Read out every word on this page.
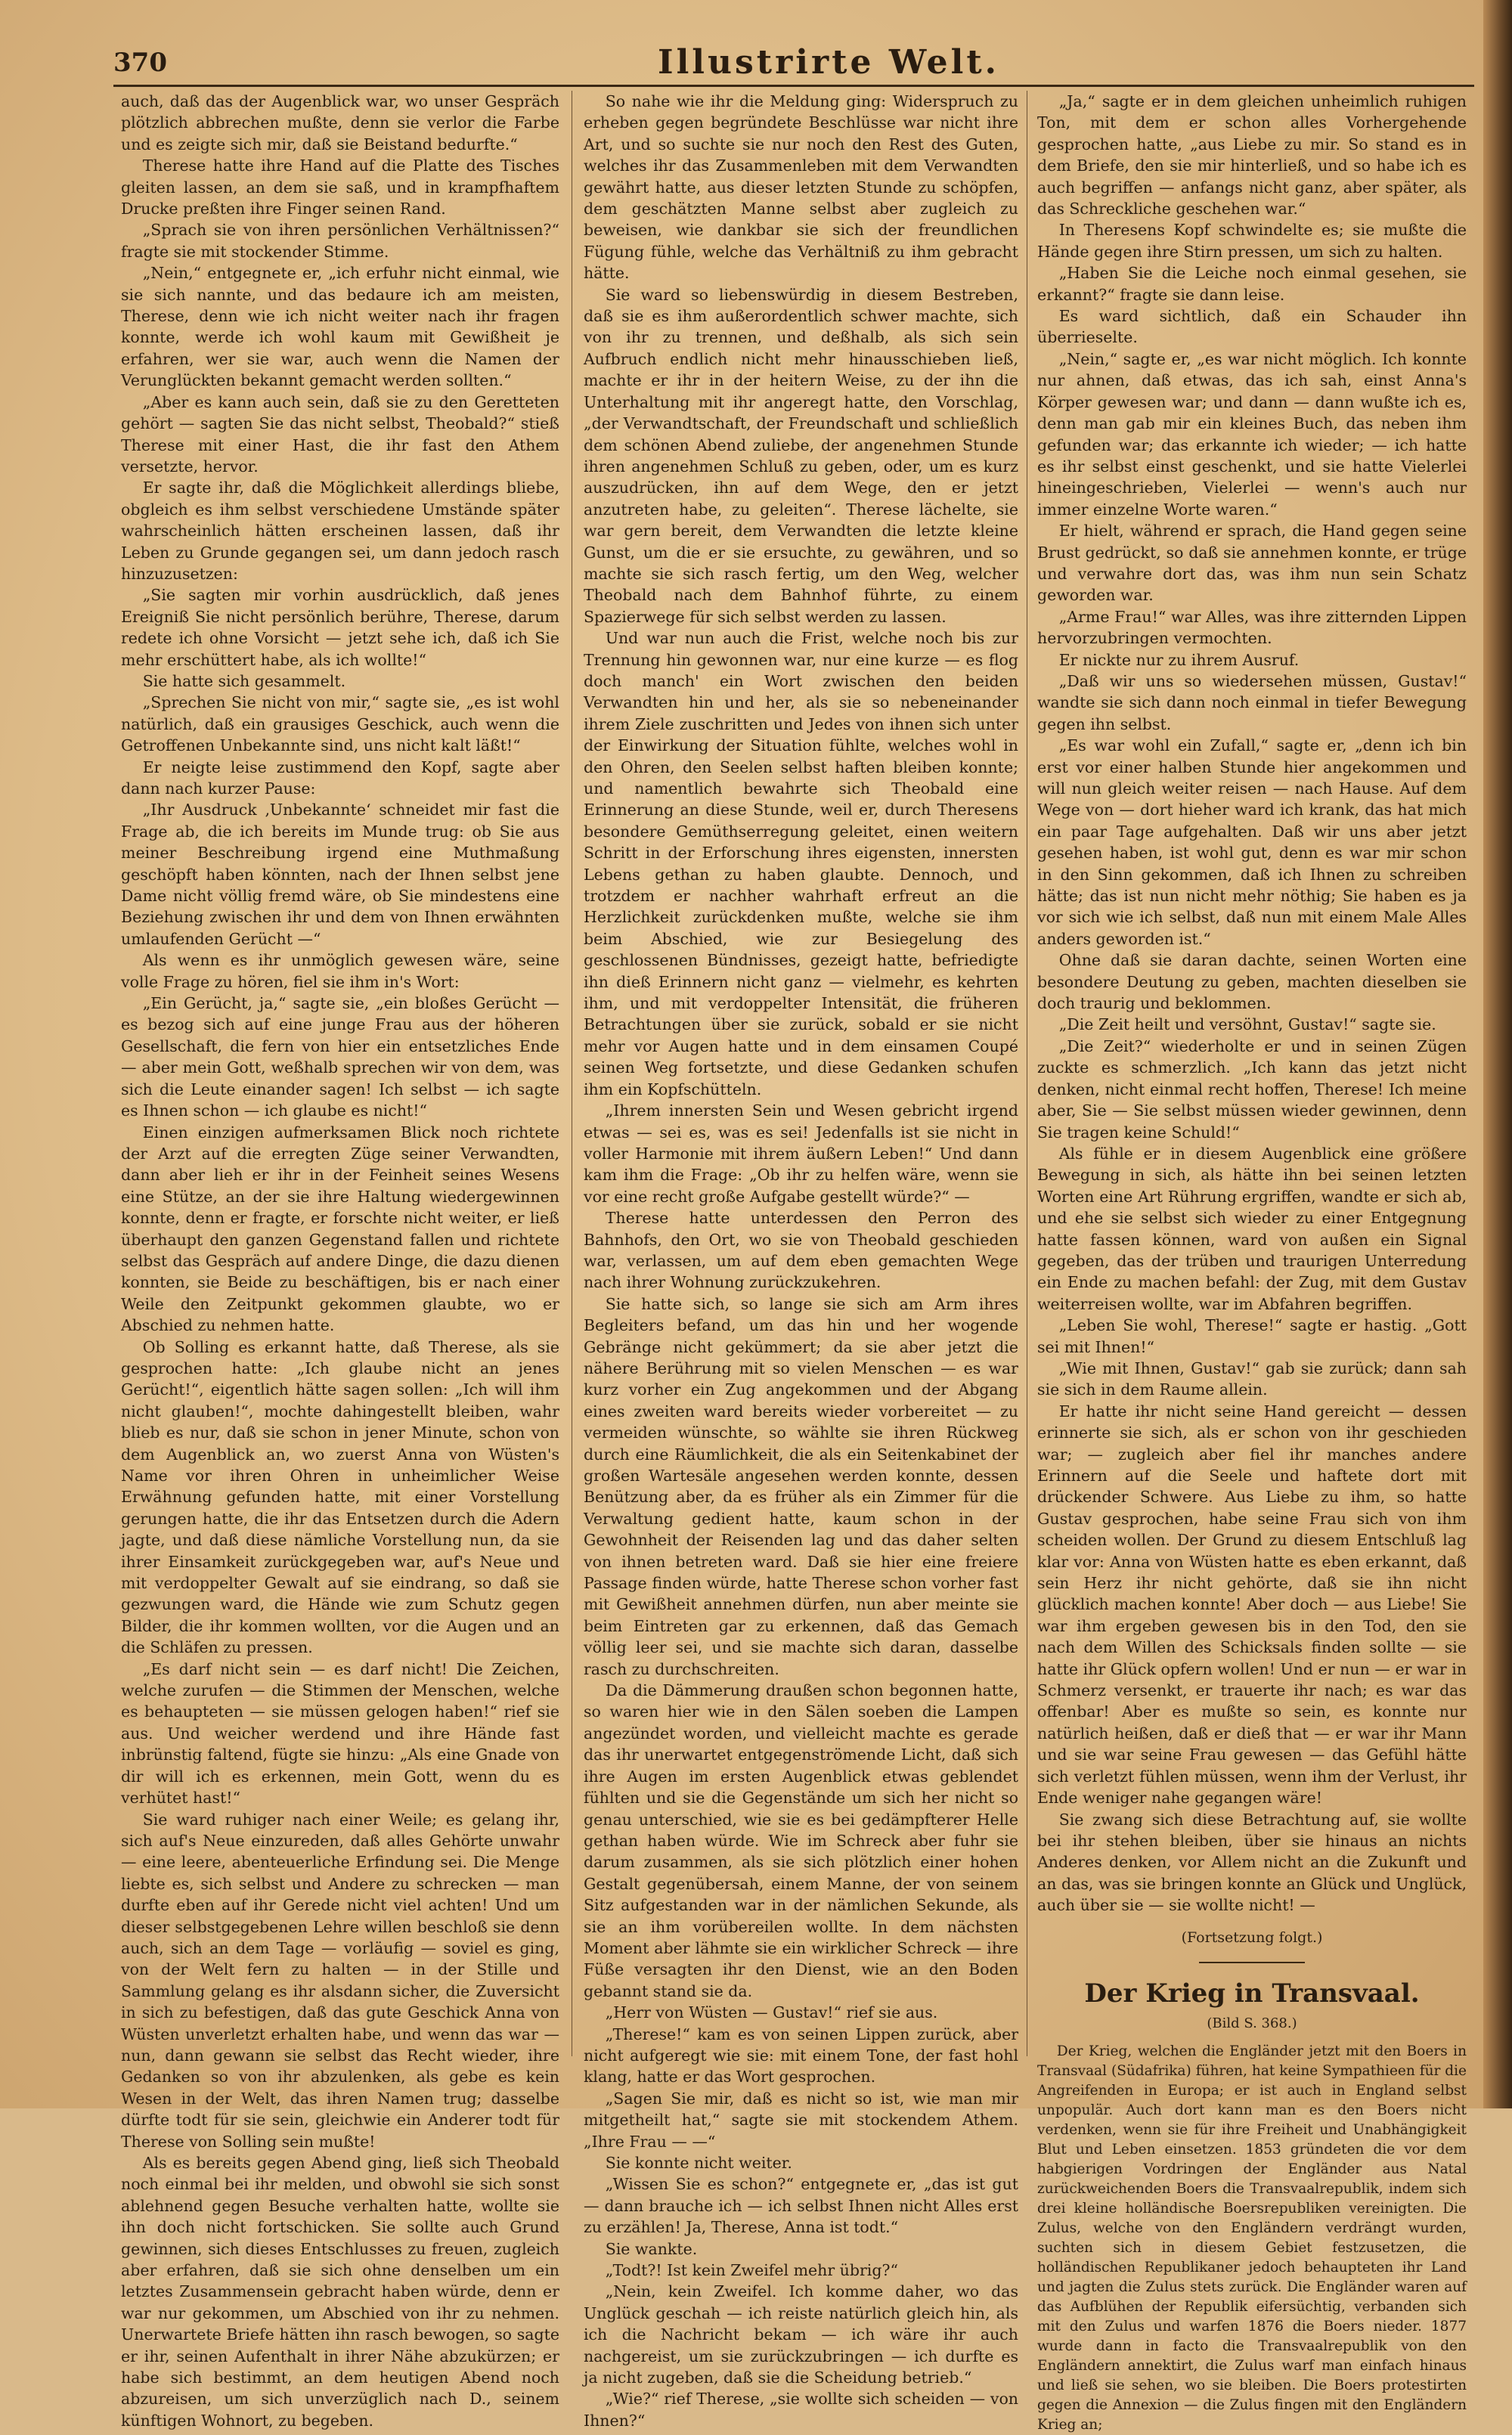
370	Illustrirte Welt.

auch, daß das der Augenblick war, wo unser Gespräch plötzlich abbrechen mußte, denn sie verlor die Farbe und es zeigte sich mir, daß sie Beistand bedurfte.“

Therese hatte ihre Hand auf die Platte des Tisches gleiten lassen, an dem sie saß, und in krampfhaftem Drucke preßten ihre Finger seinen Rand.

„Sprach sie von ihren persönlichen Verhältnissen?“ fragte sie mit stockender Stimme.

„Nein,“ entgegnete er, „ich erfuhr nicht einmal, wie sie sich nannte, und das bedaure ich am meisten, Therese, denn wie ich nicht weiter nach ihr fragen konnte, werde ich wohl kaum mit Gewißheit je erfahren, wer sie war, auch wenn die Namen der Verunglückten bekannt gemacht werden sollten.“

„Aber es kann auch sein, daß sie zu den Geretteten gehört — sagten Sie das nicht selbst, Theobald?“ stieß Therese mit einer Hast, die ihr fast den Athem versetzte, hervor.

Er sagte ihr, daß die Möglichkeit allerdings bliebe, obgleich es ihm selbst verschiedene Umstände später wahrscheinlich hätten erscheinen lassen, daß ihr Leben zu Grunde gegangen sei, um dann jedoch rasch hinzuzusetzen:

„Sie sagten mir vorhin ausdrücklich, daß jenes Ereigniß Sie nicht persönlich berühre, Therese, darum redete ich ohne Vorsicht — jetzt sehe ich, daß ich Sie mehr erschüttert habe, als ich wollte!“

Sie hatte sich gesammelt.

„Sprechen Sie nicht von mir,“ sagte sie, „es ist wohl natürlich, daß ein grausiges Geschick, auch wenn die Getroffenen Unbekannte sind, uns nicht kalt läßt!“

Er neigte leise zustimmend den Kopf, sagte aber dann nach kurzer Pause:

„Ihr Ausdruck ‚Unbekannte‘ schneidet mir fast die Frage ab, die ich bereits im Munde trug: ob Sie aus meiner Beschreibung irgend eine Muthmaßung geschöpft haben könnten, nach der Ihnen selbst jene Dame nicht völlig fremd wäre, ob Sie mindestens eine Beziehung zwischen ihr und dem von Ihnen erwähnten umlaufenden Gerücht —“

Als wenn es ihr unmöglich gewesen wäre, seine volle Frage zu hören, fiel sie ihm in's Wort:

„Ein Gerücht, ja,“ sagte sie, „ein bloßes Gerücht — es bezog sich auf eine junge Frau aus der höheren Gesellschaft, die fern von hier ein entsetzliches Ende — aber mein Gott, weßhalb sprechen wir von dem, was sich die Leute einander sagen! Ich selbst — ich sagte es Ihnen schon — ich glaube es nicht!“

Einen einzigen aufmerksamen Blick noch richtete der Arzt auf die erregten Züge seiner Verwandten, dann aber lieh er ihr in der Feinheit seines Wesens eine Stütze, an der sie ihre Haltung wiedergewinnen konnte, denn er fragte, er forschte nicht weiter, er ließ überhaupt den ganzen Gegenstand fallen und richtete selbst das Gespräch auf andere Dinge, die dazu dienen konnten, sie Beide zu beschäftigen, bis er nach einer Weile den Zeitpunkt gekommen glaubte, wo er Abschied zu nehmen hatte.

Ob Solling es erkannt hatte, daß Therese, als sie gesprochen hatte: „Ich glaube nicht an jenes Gerücht!“, eigentlich hätte sagen sollen: „Ich will ihm nicht glauben!“, mochte dahingestellt bleiben, wahr blieb es nur, daß sie schon in jener Minute, schon von dem Augenblick an, wo zuerst Anna von Wüsten's Name vor ihren Ohren in unheimlicher Weise Erwähnung gefunden hatte, mit einer Vorstellung gerungen hatte, die ihr das Entsetzen durch die Adern jagte, und daß diese nämliche Vorstellung nun, da sie ihrer Einsamkeit zurückgegeben war, auf's Neue und mit verdoppelter Gewalt auf sie eindrang, so daß sie gezwungen ward, die Hände wie zum Schutz gegen Bilder, die ihr kommen wollten, vor die Augen und an die Schläfen zu pressen.

„Es darf nicht sein — es darf nicht! Die Zeichen, welche zurufen — die Stimmen der Menschen, welche es behaupteten — sie müssen gelogen haben!“ rief sie aus. Und weicher werdend und ihre Hände fast inbrünstig faltend, fügte sie hinzu: „Als eine Gnade von dir will ich es erkennen, mein Gott, wenn du es verhütet hast!“

Sie ward ruhiger nach einer Weile; es gelang ihr, sich auf's Neue einzureden, daß alles Gehörte unwahr — eine leere, abenteuerliche Erfindung sei. Die Menge liebte es, sich selbst und Andere zu schrecken — man durfte eben auf ihr Gerede nicht viel achten! Und um dieser selbstgegebenen Lehre willen beschloß sie denn auch, sich an dem Tage — vorläufig — soviel es ging, von der Welt fern zu halten — in der Stille und Sammlung gelang es ihr alsdann sicher, die Zuversicht in sich zu befestigen, daß das gute Geschick Anna von Wüsten unverletzt erhalten habe, und wenn das war — nun, dann gewann sie selbst das Recht wieder, ihre Gedanken so von ihr abzulenken, als gebe es kein Wesen in der Welt, das ihren Namen trug; dasselbe dürfte todt für sie sein, gleichwie ein Anderer todt für Therese von Solling sein mußte!

Als es bereits gegen Abend ging, ließ sich Theobald noch einmal bei ihr melden, und obwohl sie sich sonst ablehnend gegen Besuche verhalten hatte, wollte sie ihn doch nicht fortschicken. Sie sollte auch Grund gewinnen, sich dieses Entschlusses zu freuen, zugleich aber erfahren, daß sie sich ohne denselben um ein letztes Zusammensein gebracht haben würde, denn er war nur gekommen, um Abschied von ihr zu nehmen. Unerwartete Briefe hätten ihn rasch bewogen, so sagte er ihr, seinen Aufenthalt in ihrer Nähe abzukürzen; er habe sich bestimmt, an dem heutigen Abend noch abzureisen, um sich unverzüglich nach D., seinem künftigen Wohnort, zu begeben.

So nahe wie ihr die Meldung ging: Widerspruch zu erheben gegen begründete Beschlüsse war nicht ihre Art, und so suchte sie nur noch den Rest des Guten, welches ihr das Zusammenleben mit dem Verwandten gewährt hatte, aus dieser letzten Stunde zu schöpfen, dem geschätzten Manne selbst aber zugleich zu beweisen, wie dankbar sie sich der freundlichen Fügung fühle, welche das Verhältniß zu ihm gebracht hätte.

Sie ward so liebenswürdig in diesem Bestreben, daß sie es ihm außerordentlich schwer machte, sich von ihr zu trennen, und deßhalb, als sich sein Aufbruch endlich nicht mehr hinausschieben ließ, machte er ihr in der heitern Weise, zu der ihn die Unterhaltung mit ihr angeregt hatte, den Vorschlag, „der Verwandtschaft, der Freundschaft und schließlich dem schönen Abend zuliebe, der angenehmen Stunde ihren angenehmen Schluß zu geben, oder, um es kurz auszudrücken, ihn auf dem Wege, den er jetzt anzutreten habe, zu geleiten“. Therese lächelte, sie war gern bereit, dem Verwandten die letzte kleine Gunst, um die er sie ersuchte, zu gewähren, und so machte sie sich rasch fertig, um den Weg, welcher Theobald nach dem Bahnhof führte, zu einem Spazierwege für sich selbst werden zu lassen.

Und war nun auch die Frist, welche noch bis zur Trennung hin gewonnen war, nur eine kurze — es flog doch manch' ein Wort zwischen den beiden Verwandten hin und her, als sie so nebeneinander ihrem Ziele zuschritten und Jedes von ihnen sich unter der Einwirkung der Situation fühlte, welches wohl in den Ohren, den Seelen selbst haften bleiben konnte; und namentlich bewahrte sich Theobald eine Erinnerung an diese Stunde, weil er, durch Theresens besondere Gemüthserregung geleitet, einen weitern Schritt in der Erforschung ihres eigensten, innersten Lebens gethan zu haben glaubte. Dennoch, und trotzdem er nachher wahrhaft erfreut an die Herzlichkeit zurückdenken mußte, welche sie ihm beim Abschied, wie zur Besiegelung des geschlossenen Bündnisses, gezeigt hatte, befriedigte ihn dieß Erinnern nicht ganz — vielmehr, es kehrten ihm, und mit verdoppelter Intensität, die früheren Betrachtungen über sie zurück, sobald er sie nicht mehr vor Augen hatte und in dem einsamen Coupé seinen Weg fortsetzte, und diese Gedanken schufen ihm ein Kopfschütteln.

„Ihrem innersten Sein und Wesen gebricht irgend etwas — sei es, was es sei! Jedenfalls ist sie nicht in voller Harmonie mit ihrem äußern Leben!“ Und dann kam ihm die Frage: „Ob ihr zu helfen wäre, wenn sie vor eine recht große Aufgabe gestellt würde?“ —

Therese hatte unterdessen den Perron des Bahnhofs, den Ort, wo sie von Theobald geschieden war, verlassen, um auf dem eben gemachten Wege nach ihrer Wohnung zurückzukehren.

Sie hatte sich, so lange sie sich am Arm ihres Begleiters befand, um das hin und her wogende Gebränge nicht gekümmert; da sie aber jetzt die nähere Berührung mit so vielen Menschen — es war kurz vorher ein Zug angekommen und der Abgang eines zweiten ward bereits wieder vorbereitet — zu vermeiden wünschte, so wählte sie ihren Rückweg durch eine Räumlichkeit, die als ein Seitenkabinet der großen Wartesäle angesehen werden konnte, dessen Benützung aber, da es früher als ein Zimmer für die Verwaltung gedient hatte, kaum schon in der Gewohnheit der Reisenden lag und das daher selten von ihnen betreten ward. Daß sie hier eine freiere Passage finden würde, hatte Therese schon vorher fast mit Gewißheit annehmen dürfen, nun aber meinte sie beim Eintreten gar zu erkennen, daß das Gemach völlig leer sei, und sie machte sich daran, dasselbe rasch zu durchschreiten.

Da die Dämmerung draußen schon begonnen hatte, so waren hier wie in den Sälen soeben die Lampen angezündet worden, und vielleicht machte es gerade das ihr unerwartet entgegenströmende Licht, daß sich ihre Augen im ersten Augenblick etwas geblendet fühlten und sie die Gegenstände um sich her nicht so genau unterschied, wie sie es bei gedämpfterer Helle gethan haben würde. Wie im Schreck aber fuhr sie darum zusammen, als sie sich plötzlich einer hohen Gestalt gegenübersah, einem Manne, der von seinem Sitz aufgestanden war in der nämlichen Sekunde, als sie an ihm vorübereilen wollte. In dem nächsten Moment aber lähmte sie ein wirklicher Schreck — ihre Füße versagten ihr den Dienst, wie an den Boden gebannt stand sie da.

„Herr von Wüsten — Gustav!“ rief sie aus.

„Therese!“ kam es von seinen Lippen zurück, aber nicht aufgeregt wie sie: mit einem Tone, der fast hohl klang, hatte er das Wort gesprochen.

„Sagen Sie mir, daß es nicht so ist, wie man mir mitgetheilt hat,“ sagte sie mit stockendem Athem. „Ihre Frau — —“

Sie konnte nicht weiter.

„Wissen Sie es schon?“ entgegnete er, „das ist gut — dann brauche ich — ich selbst Ihnen nicht Alles erst zu erzählen! Ja, Therese, Anna ist todt.“

Sie wankte.

„Todt?! Ist kein Zweifel mehr übrig?“

„Nein, kein Zweifel. Ich komme daher, wo das Unglück geschah — ich reiste natürlich gleich hin, als ich die Nachricht bekam — ich wäre ihr auch nachgereist, um sie zurückzubringen — ich durfte es ja nicht zugeben, daß sie die Scheidung betrieb.“

„Wie?“ rief Therese, „sie wollte sich scheiden — von Ihnen?“

„Ja,“ sagte er in dem gleichen unheimlich ruhigen Ton, mit dem er schon alles Vorhergehende gesprochen hatte, „aus Liebe zu mir. So stand es in dem Briefe, den sie mir hinterließ, und so habe ich es auch begriffen — anfangs nicht ganz, aber später, als das Schreckliche geschehen war.“

In Theresens Kopf schwindelte es; sie mußte die Hände gegen ihre Stirn pressen, um sich zu halten.

„Haben Sie die Leiche noch einmal gesehen, sie erkannt?“ fragte sie dann leise.

Es ward sichtlich, daß ein Schauder ihn überrieselte.

„Nein,“ sagte er, „es war nicht möglich. Ich konnte nur ahnen, daß etwas, das ich sah, einst Anna's Körper gewesen war; und dann — dann wußte ich es, denn man gab mir ein kleines Buch, das neben ihm gefunden war; das erkannte ich wieder; — ich hatte es ihr selbst einst geschenkt, und sie hatte Vielerlei hineingeschrieben, Vielerlei — wenn's auch nur immer einzelne Worte waren.“

Er hielt, während er sprach, die Hand gegen seine Brust gedrückt, so daß sie annehmen konnte, er trüge und verwahre dort das, was ihm nun sein Schatz geworden war.

„Arme Frau!“ war Alles, was ihre zitternden Lippen hervorzubringen vermochten.

Er nickte nur zu ihrem Ausruf.

„Daß wir uns so wiedersehen müssen, Gustav!“ wandte sie sich dann noch einmal in tiefer Bewegung gegen ihn selbst.

„Es war wohl ein Zufall,“ sagte er, „denn ich bin erst vor einer halben Stunde hier angekommen und will nun gleich weiter reisen — nach Hause. Auf dem Wege von — dort hieher ward ich krank, das hat mich ein paar Tage aufgehalten. Daß wir uns aber jetzt gesehen haben, ist wohl gut, denn es war mir schon in den Sinn gekommen, daß ich Ihnen zu schreiben hätte; das ist nun nicht mehr nöthig; Sie haben es ja vor sich wie ich selbst, daß nun mit einem Male Alles anders geworden ist.“

Ohne daß sie daran dachte, seinen Worten eine besondere Deutung zu geben, machten dieselben sie doch traurig und beklommen.

„Die Zeit heilt und versöhnt, Gustav!“ sagte sie.

„Die Zeit?“ wiederholte er und in seinen Zügen zuckte es schmerzlich. „Ich kann das jetzt nicht denken, nicht einmal recht hoffen, Therese! Ich meine aber, Sie — Sie selbst müssen wieder gewinnen, denn Sie tragen keine Schuld!“

Als fühle er in diesem Augenblick eine größere Bewegung in sich, als hätte ihn bei seinen letzten Worten eine Art Rührung ergriffen, wandte er sich ab, und ehe sie selbst sich wieder zu einer Entgegnung hatte fassen können, ward von außen ein Signal gegeben, das der trüben und traurigen Unterredung ein Ende zu machen befahl: der Zug, mit dem Gustav weiterreisen wollte, war im Abfahren begriffen.

„Leben Sie wohl, Therese!“ sagte er hastig. „Gott sei mit Ihnen!“

„Wie mit Ihnen, Gustav!“ gab sie zurück; dann sah sie sich in dem Raume allein.

Er hatte ihr nicht seine Hand gereicht — dessen erinnerte sie sich, als er schon von ihr geschieden war; — zugleich aber fiel ihr manches andere Erinnern auf die Seele und haftete dort mit drückender Schwere. Aus Liebe zu ihm, so hatte Gustav gesprochen, habe seine Frau sich von ihm scheiden wollen. Der Grund zu diesem Entschluß lag klar vor: Anna von Wüsten hatte es eben erkannt, daß sein Herz ihr nicht gehörte, daß sie ihn nicht glücklich machen konnte! Aber doch — aus Liebe! Sie war ihm ergeben gewesen bis in den Tod, den sie nach dem Willen des Schicksals finden sollte — sie hatte ihr Glück opfern wollen! Und er nun — er war in Schmerz versenkt, er trauerte ihr nach; es war das offenbar! Aber es mußte so sein, es konnte nur natürlich heißen, daß er dieß that — er war ihr Mann und sie war seine Frau gewesen — das Gefühl hätte sich verletzt fühlen müssen, wenn ihm der Verlust, ihr Ende weniger nahe gegangen wäre!

Sie zwang sich diese Betrachtung auf, sie wollte bei ihr stehen bleiben, über sie hinaus an nichts Anderes denken, vor Allem nicht an die Zukunft und an das, was sie bringen konnte an Glück und Unglück, auch über sie — sie wollte nicht! —

(Fortsetzung folgt.)

Der Krieg in Transvaal.

(Bild S. 368.)

Der Krieg, welchen die Engländer jetzt mit den Boers in Transvaal (Südafrika) führen, hat keine Sympathieen für die Angreifenden in Europa; er ist auch in England selbst unpopulär. Auch dort kann man es den Boers nicht verdenken, wenn sie für ihre Freiheit und Unabhängigkeit Blut und Leben einsetzen. 1853 gründeten die vor dem habgierigen Vordringen der Engländer aus Natal zurückweichenden Boers die Transvaalrepublik, indem sich drei kleine holländische Boersrepubliken vereinigten. Die Zulus, welche von den Engländern verdrängt wurden, suchten sich in diesem Gebiet festzusetzen, die holländischen Republikaner jedoch behaupteten ihr Land und jagten die Zulus stets zurück. Die Engländer waren auf das Aufblühen der Republik eifersüchtig, verbanden sich mit den Zulus und warfen 1876 die Boers nieder. 1877 wurde dann in facto die Transvaalrepublik von den Engländern annektirt, die Zulus warf man einfach hinaus und ließ sie sehen, wo sie bleiben. Die Boers protestirten gegen die Annexion — die Zulus fingen mit den Engländern Krieg an;
